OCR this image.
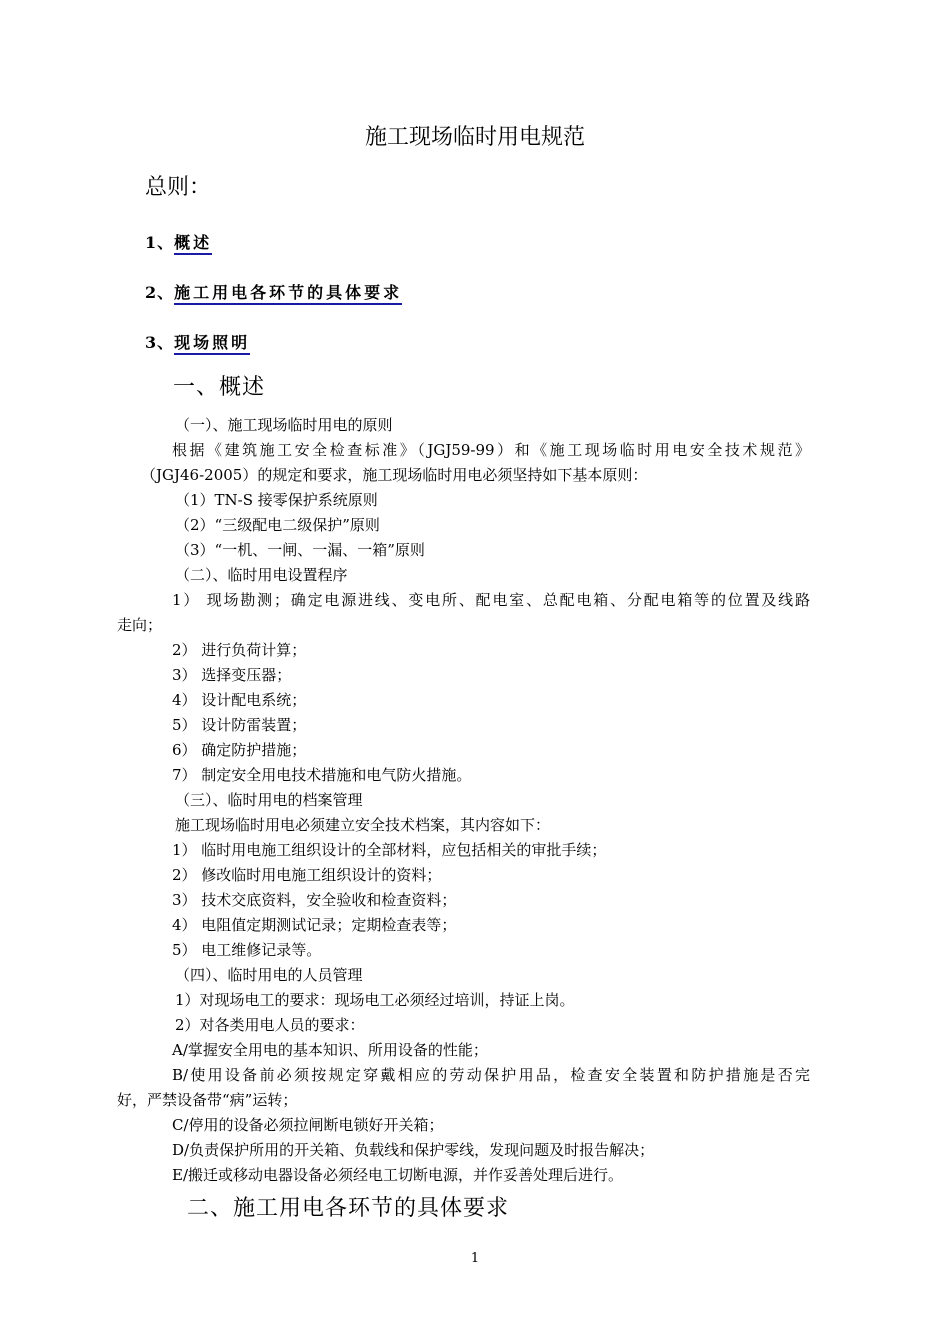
施工现场临时用电规范
总则：
1、概述
2、施工用电各环节的具体要求
3、现场照明
一、概述
（一）、施工现场临时用电的原则
根据《建筑施工安全检查标准》（JGJ59-99）和《施工现场临时用电安全技术规范》
（JGJ46-2005）的规定和要求，施工现场临时用电必须坚持如下基本原则：
（1）TN-S 接零保护系统原则
（2）“三级配电二级保护”原则
（3）“一机、一闸、一漏、一箱”原则
（二）、临时用电设置程序
1） 现场勘测；确定电源进线、变电所、配电室、总配电箱、分配电箱等的位置及线路
走向；
2） 进行负荷计算；
3） 选择变压器；
4） 设计配电系统；
5） 设计防雷装置；
6） 确定防护措施；
7） 制定安全用电技术措施和电气防火措施。
（三）、临时用电的档案管理
施工现场临时用电必须建立安全技术档案，其内容如下：
1） 临时用电施工组织设计的全部材料，应包括相关的审批手续；
2） 修改临时用电施工组织设计的资料；
3） 技术交底资料，安全验收和检查资料；
4） 电阻值定期测试记录；定期检查表等；
5） 电工维修记录等。
（四）、临时用电的人员管理
1）对现场电工的要求：现场电工必须经过培训，持证上岗。
2）对各类用电人员的要求：
A/掌握安全用电的基本知识、所用设备的性能；
B/使用设备前必须按规定穿戴相应的劳动保护用品，检查安全装置和防护措施是否完
好，严禁设备带“病”运转；
C/停用的设备必须拉闸断电锁好开关箱；
D/负责保护所用的开关箱、负载线和保护零线，发现问题及时报告解决；
E/搬迁或移动电器设备必须经电工切断电源，并作妥善处理后进行。
二、施工用电各环节的具体要求
1
